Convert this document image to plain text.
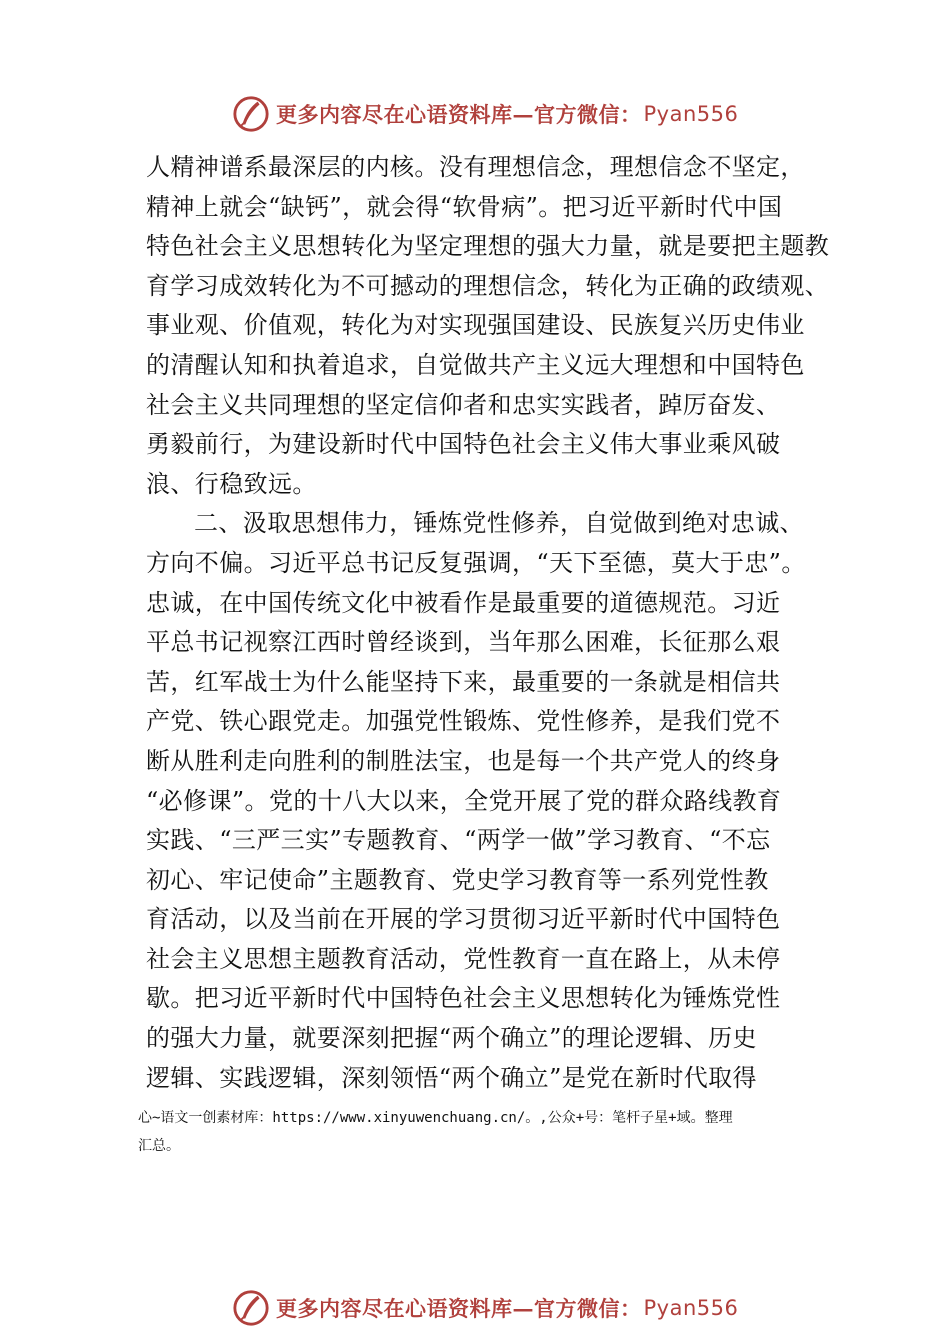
更多内容尽在心语资料库—官方微信： Pyan556
人精神谱系最深层的内核。没有理想信念，理想信念不坚定，
精神上就会“缺钙”，就会得“软骨病”。把习近平新时代中国
特色社会主义思想转化为坚定理想的强大力量，就是要把主题教
育学习成效转化为不可撼动的理想信念，转化为正确的政绩观、
事业观、价值观，转化为对实现强国建设、民族复兴历史伟业
的清醒认知和执着追求，自觉做共产主义远大理想和中国特色
社会主义共同理想的坚定信仰者和忠实实践者，踔厉奋发、
勇毅前行，为建设新时代中国特色社会主义伟大事业乘风破
浪、行稳致远。
二、汲取思想伟力，锤炼党性修养，自觉做到绝对忠诚、
方向不偏。习近平总书记反复强调，“天下至德，莫大于忠”。
忠诚，在中国传统文化中被看作是最重要的道德规范。习近
平总书记视察江西时曾经谈到，当年那么困难，长征那么艰
苦，红军战士为什么能坚持下来，最重要的一条就是相信共
产党、铁心跟党走。加强党性锻炼、党性修养，是我们党不
断从胜利走向胜利的制胜法宝，也是每一个共产党人的终身
“必修课”。党的十八大以来，全党开展了党的群众路线教育
实践、“三严三实”专题教育、“两学一做”学习教育、“不忘
初心、牢记使命”主题教育、党史学习教育等一系列党性教
育活动，以及当前在开展的学习贯彻习近平新时代中国特色
社会主义思想主题教育活动，党性教育一直在路上，从未停
歇。把习近平新时代中国特色社会主义思想转化为锤炼党性
的强大力量，就要深刻把握“两个确立”的理论逻辑、历史
逻辑、实践逻辑，深刻领悟“两个确立”是党在新时代取得
心~语文一创素材库：https://www.xinyuwenchuang.cn/。,公众+号：笔杆子星+域。整理
汇总。
更多内容尽在心语资料库—官方微信： Pyan556
